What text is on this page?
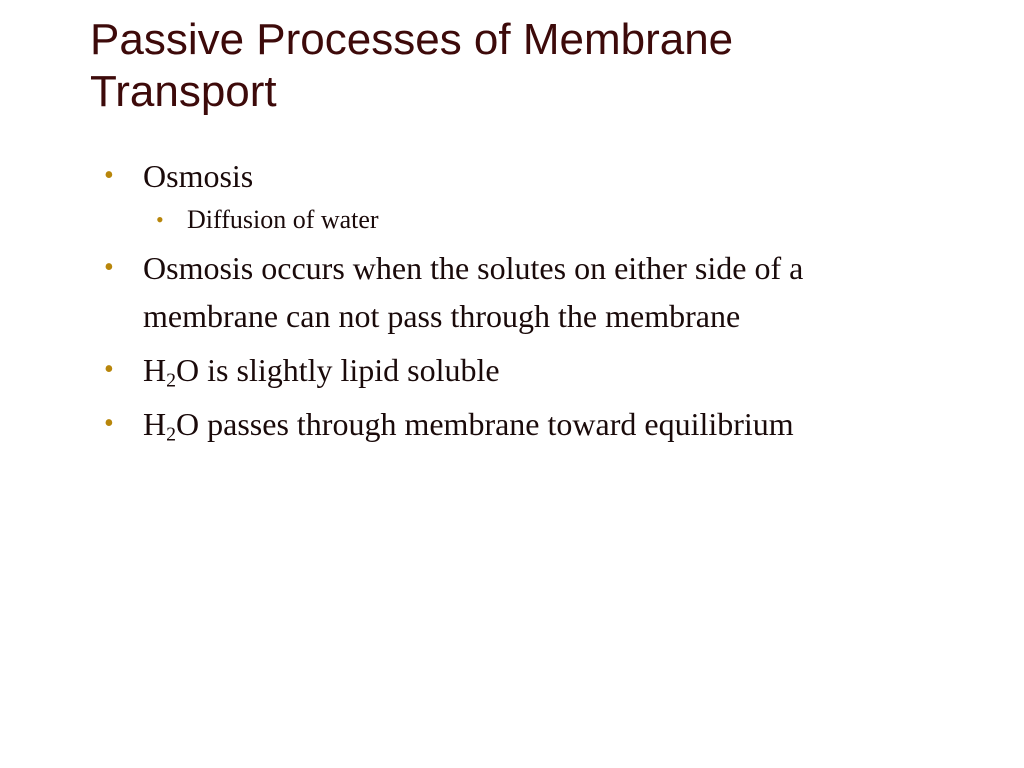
Passive Processes of Membrane
Transport
• Osmosis
• Diffusion of water
• Osmosis occurs when the solutes on either side of a membrane can not pass through the membrane
• $H_2O$ is slightly lipid soluble
• $H_2O$ passes through membrane toward equilibrium
